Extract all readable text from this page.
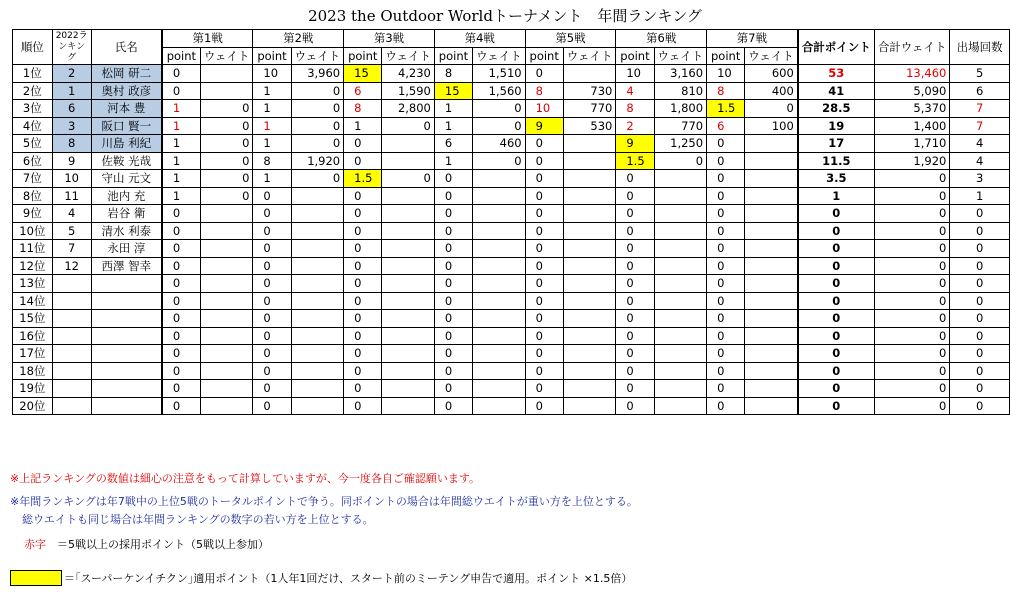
2023 the Outdoor Worldトーナメント　年間ランキング
順位	2022ランキング	氏名	第1戦		第2戦		第3戦		第4戦		第5戦		第6戦		第7戦		合計ポイント	合計ウェイト	出場回数
			point	ウェイト	point	ウェイト	point	ウェイト	point	ウェイト	point	ウェイト	point	ウェイト	point	ウェイト			
1位	2	松岡 研二	0		10	3,960	15	4,230	8	1,510	0		10	3,160	10	600	53	13,460	5
2位	1	奥村 政彦	0		1	0	6	1,590	15	1,560	8	730	4	810	8	400	41	5,090	6
3位	6	河本 豊	1	0	1	0	8	2,800	1	0	10	770	8	1,800	1.5	0	28.5	5,370	7
4位	3	阪口 賢一	1	0	1	0	1	0	1	0	9	530	2	770	6	100	19	1,400	7
5位	8	川島 利紀	1	0	1	0	0		6	460	0		9	1,250	0		17	1,710	4
6位	9	佐鞍 光哉	1	0	8	1,920	0		1	0	0		1.5	0	0		11.5	1,920	4
7位	10	守山 元文	1	0	1	0	1.5	0	0		0		0		0		3.5	0	3
8位	11	池内 充	1	0	0		0		0		0		0		0		1	0	1
9位	4	岩谷 衛	0		0		0		0		0		0		0		0	0	0
10位	5	清水 利泰	0		0		0		0		0		0		0		0	0	0
11位	7	永田 淳	0		0		0		0		0		0		0		0	0	0
12位	12	西澤 智幸	0		0		0		0		0		0		0		0	0	0
13位			0		0		0		0		0		0		0		0	0	0
14位			0		0		0		0		0		0		0		0	0	0
15位			0		0		0		0		0		0		0		0	0	0
16位			0		0		0		0		0		0		0		0	0	0
17位			0		0		0		0		0		0		0		0	0	0
18位			0		0		0		0		0		0		0		0	0	0
19位			0		0		0		0		0		0		0		0	0	0
20位			0		0		0		0		0		0		0		0	0	0
※上記ランキングの数値は細心の注意をもって計算していますが、今一度各自ご確認願います。
※年間ランキングは年7戦中の上位5戦のトータルポイントで争う。同ポイントの場合は年間総ウエイトが重い方を上位とする。
総ウエイトも同じ場合は年間ランキングの数字の若い方を上位とする。
赤字　＝5戦以上の採用ポイント（5戦以上参加）
＝｢スーパーケンイチクン｣適用ポイント（1人年1回だけ、スタート前のミーテング申告で適用。ポイント ×1.5倍）
